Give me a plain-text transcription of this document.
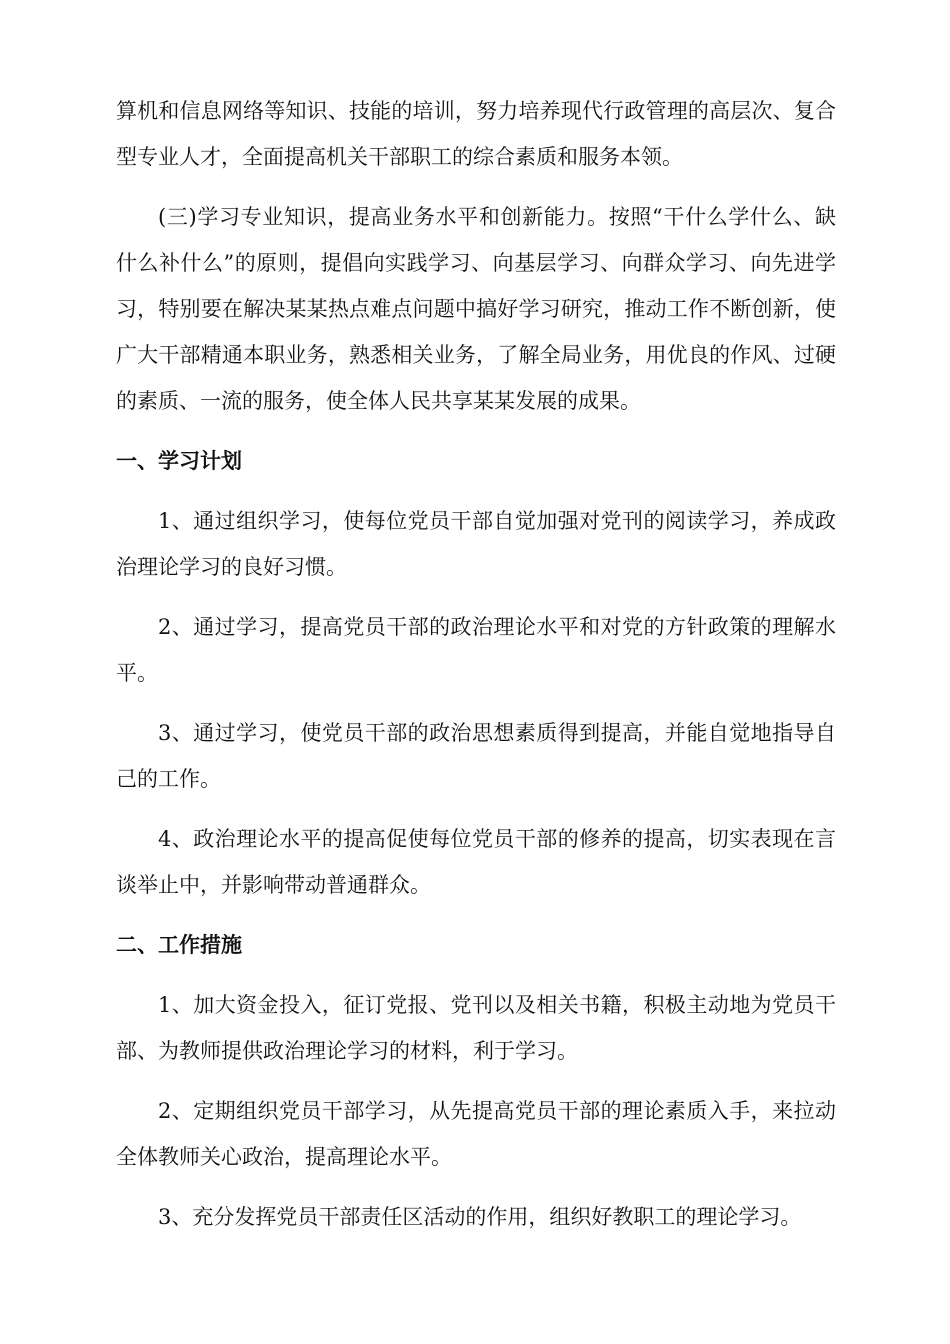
算机和信息网络等知识、技能的培训，努力培养现代行政管理的高层次、复合型专业人才，全面提高机关干部职工的综合素质和服务本领。

(三)学习专业知识，提高业务水平和创新能力。按照“干什么学什么、缺什么补什么”的原则，提倡向实践学习、向基层学习、向群众学习、向先进学习，特别要在解决某某热点难点问题中搞好学习研究，推动工作不断创新，使广大干部精通本职业务，熟悉相关业务，了解全局业务，用优良的作风、过硬的素质、一流的服务，使全体人民共享某某发展的成果。

一、学习计划

1、通过组织学习，使每位党员干部自觉加强对党刊的阅读学习，养成政治理论学习的良好习惯。

2、通过学习，提高党员干部的政治理论水平和对党的方针政策的理解水平。

3、通过学习，使党员干部的政治思想素质得到提高，并能自觉地指导自己的工作。

4、政治理论水平的提高促使每位党员干部的修养的提高，切实表现在言谈举止中，并影响带动普通群众。

二、工作措施

1、加大资金投入，征订党报、党刊以及相关书籍，积极主动地为党员干部、为教师提供政治理论学习的材料，利于学习。

2、定期组织党员干部学习，从先提高党员干部的理论素质入手，来拉动全体教师关心政治，提高理论水平。

3、充分发挥党员干部责任区活动的作用，组织好教职工的理论学习。
